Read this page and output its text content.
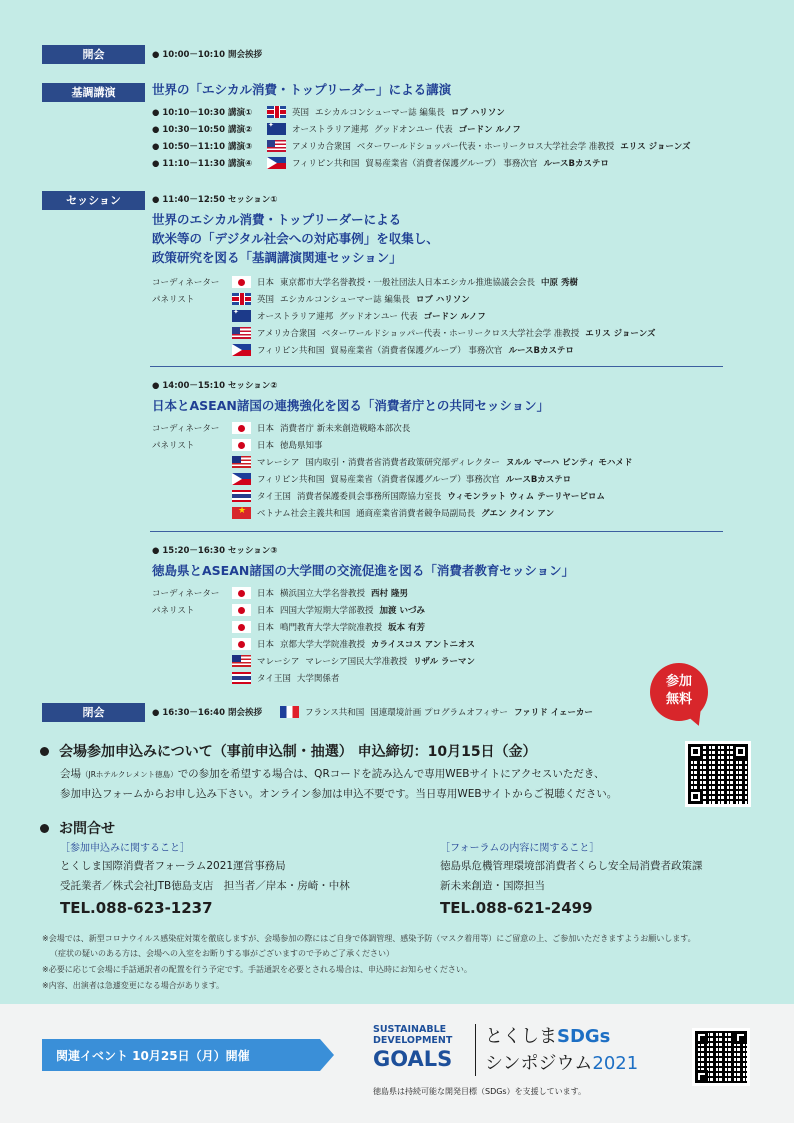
開会	● 10:00－10:10 開会挨拶
基調講演	世界の「エシカル消費・トップリーダー」による講演
● 10:10－10:30 講演①	英国 エシカルコンシューマー誌 編集長 ロブ ハリソン
● 10:30－10:50 講演②
✦	オーストラリア連邦 グッドオンユー 代表 ゴードン ルノフ
● 10:50－11:10 講演③	アメリカ合衆国 ベターワールドショッパー代表・ホーリークロス大学社会学 准教授 エリス ジョーンズ
● 11:10－11:30 講演④	フィリピン共和国 貿易産業省（消費者保護グループ） 事務次官 ルースBカステロ
セッション	● 11:40－12:50 セッション①
世界のエシカル消費・トップリーダーによる
欧米等の「デジタル社会への対応事例」を収集し、
政策研究を図る「基調講演関連セッション」
コーディネーター
パネリスト
日本 東京都市大学名誉教授・一般社団法人日本エシカル推進協議会会長 中原 秀樹
英国 エシカルコンシューマー誌 編集長 ロブ ハリソン
✦
オーストラリア連邦 グッドオンユー 代表 ゴードン ルノフ
アメリカ合衆国 ベターワールドショッパー代表・ホーリークロス大学社会学 准教授 エリス ジョーンズ
フィリピン共和国 貿易産業省（消費者保護グループ） 事務次官 ルースBカステロ
● 14:00－15:10 セッション②
日本とASEAN諸国の連携強化を図る「消費者庁との共同セッション」
コーディネーター
パネリスト
日本 消費者庁 新未来創造戦略本部次長
日本 徳島県知事
マレーシア 国内取引・消費者省消費者政策研究部ディレクター ヌルル マーハ ビンティ モハメド
フィリピン共和国 貿易産業省（消費者保護グループ）事務次官 ルースBカステロ
タイ王国 消費者保護委員会事務所国際協力室長 ウィモンラット ウィム テーリヤーピロム
★
ベトナム社会主義共和国 通商産業省消費者競争局副局長 グエン クイン アン
● 15:20－16:30 セッション③
徳島県とASEAN諸国の大学間の交流促進を図る「消費者教育セッション」
コーディネーター
パネリスト
日本 横浜国立大学名誉教授 西村 隆男
日本 四国大学短期大学部教授 加渡 いづみ
日本 鳴門教育大学大学院准教授 坂本 有芳
日本 京都大学大学院准教授 カライスコス アントニオス
マレーシア マレーシア国民大学准教授 リザル ラーマン
タイ王国 大学関係者	参加
無料
閉会	● 16:30－16:40 閉会挨拶	フランス共和国 国連環境計画 プログラムオフィサー ファリド イェーカー
会場参加申込みについて（事前申込制・抽選） 申込締切：10月15日（金）
会場（JRホテルクレメント徳島）での参加を希望する場合は、QRコードを読み込んで専用WEBサイトにアクセスいただき、
参加申込フォームからお申し込み下さい。オンライン参加は申込不要です。当日専用WEBサイトからご視聴ください。
お問合せ
［参加申込みに関すること］
とくしま国際消費者フォーラム2021運営事務局
受託業者／株式会社JTB徳島支店　担当者／岸本・房崎・中林
TEL.088-623-1237
［フォーラムの内容に関すること］
徳島県危機管理環境部消費者くらし安全局消費者政策課
新未来創造・国際担当
TEL.088-621-2499
※会場では、新型コロナウイルス感染症対策を徹底しますが、会場参加の際にはご自身で体調管理、感染予防（マスク着用等）にご留意の上、ご参加いただきますようお願いします。
（症状の疑いのある方は、会場への入室をお断りする事がございますので予めご了承ください）
※必要に応じて会場に手話通訳者の配置を行う予定です。手話通訳を必要とされる場合は、申込時にお知らせください。
※内容、出演者は急遽変更になる場合があります。
関連イベント 10月25日（月）開催
SUSTAINABLE
DEVELOPMENT
GOALS
とくしまSDGs
シンポジウム2021
徳島県は持続可能な開発目標（SDGs）を支援しています。
